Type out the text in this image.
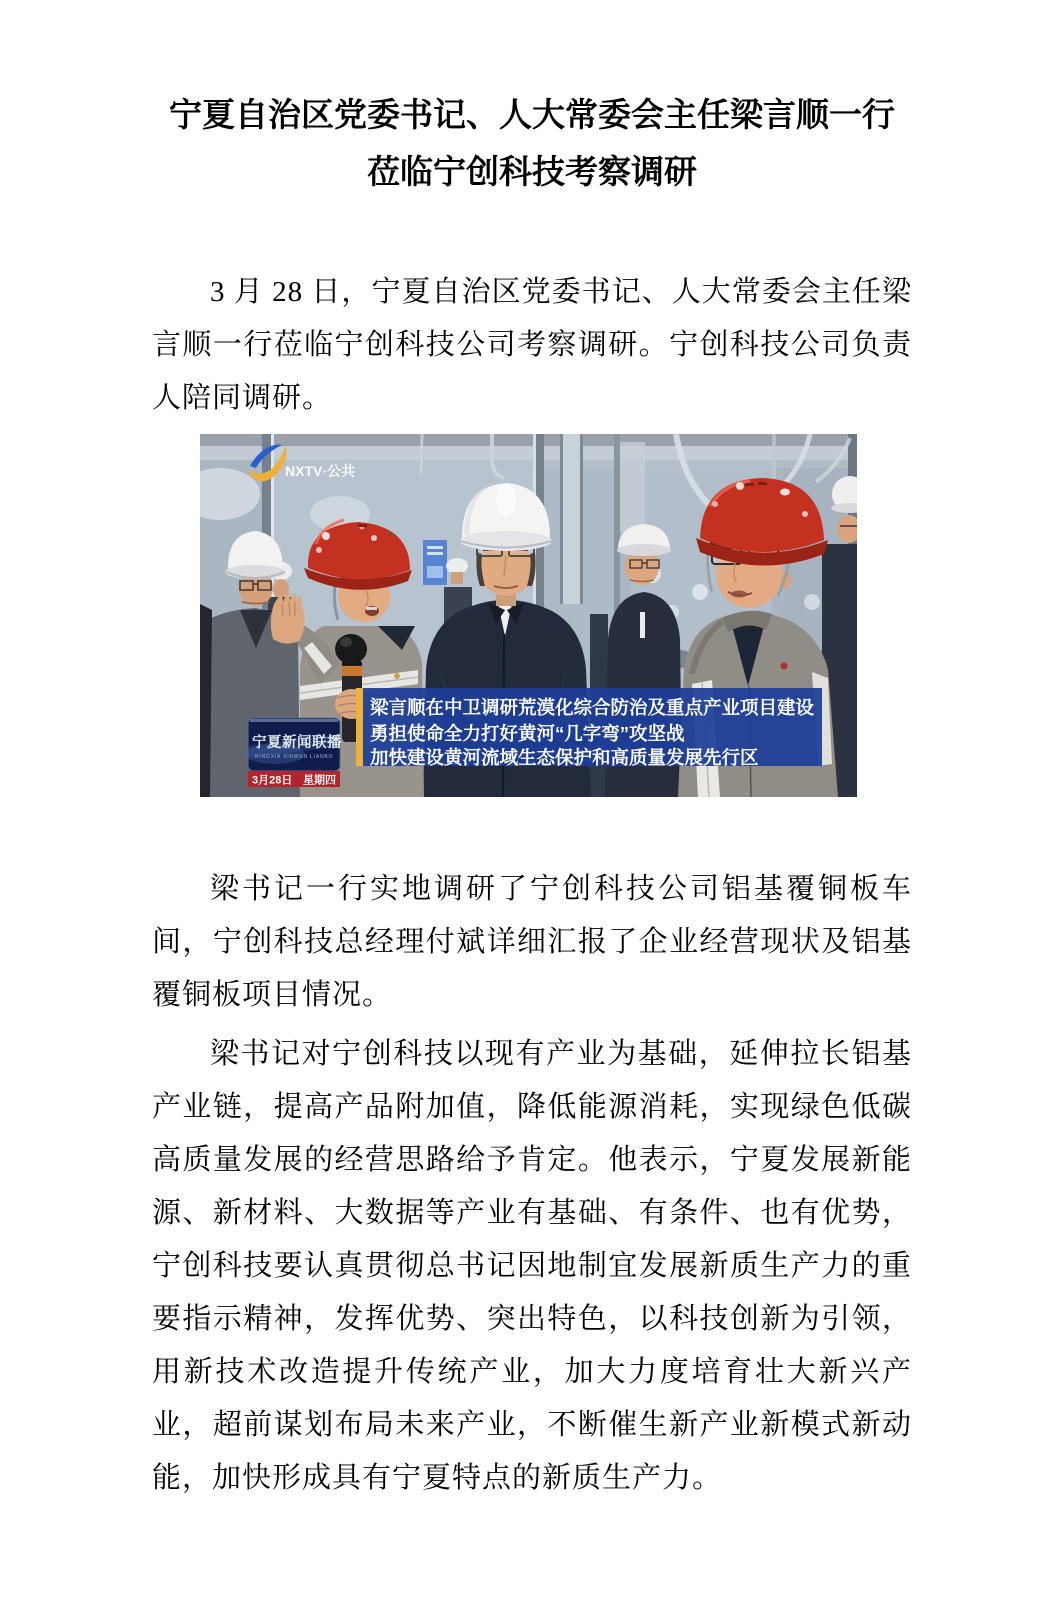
宁夏自治区党委书记、人大常委会主任梁言顺一行
莅临宁创科技考察调研

3 月 28 日，宁夏自治区党委书记、人大常委会主任梁言顺一行莅临宁创科技公司考察调研。宁创科技公司负责人陪同调研。

NXTV·公共
梁言顺在中卫调研荒漠化综合防治及重点产业项目建设
勇担使命全力打好黄河“几字弯”攻坚战
加快建设黄河流域生态保护和高质量发展先行区
宁夏新闻联播
NINGXIA XINWEN LIANBO
3月28日 星期四

梁书记一行实地调研了宁创科技公司铝基覆铜板车间，宁创科技总经理付斌详细汇报了企业经营现状及铝基覆铜板项目情况。

梁书记对宁创科技以现有产业为基础，延伸拉长铝基产业链，提高产品附加值，降低能源消耗，实现绿色低碳高质量发展的经营思路给予肯定。他表示，宁夏发展新能源、新材料、大数据等产业有基础、有条件、也有优势，宁创科技要认真贯彻总书记因地制宜发展新质生产力的重要指示精神，发挥优势、突出特色，以科技创新为引领，用新技术改造提升传统产业，加大力度培育壮大新兴产业，超前谋划布局未来产业，不断催生新产业新模式新动能，加快形成具有宁夏特点的新质生产力。
